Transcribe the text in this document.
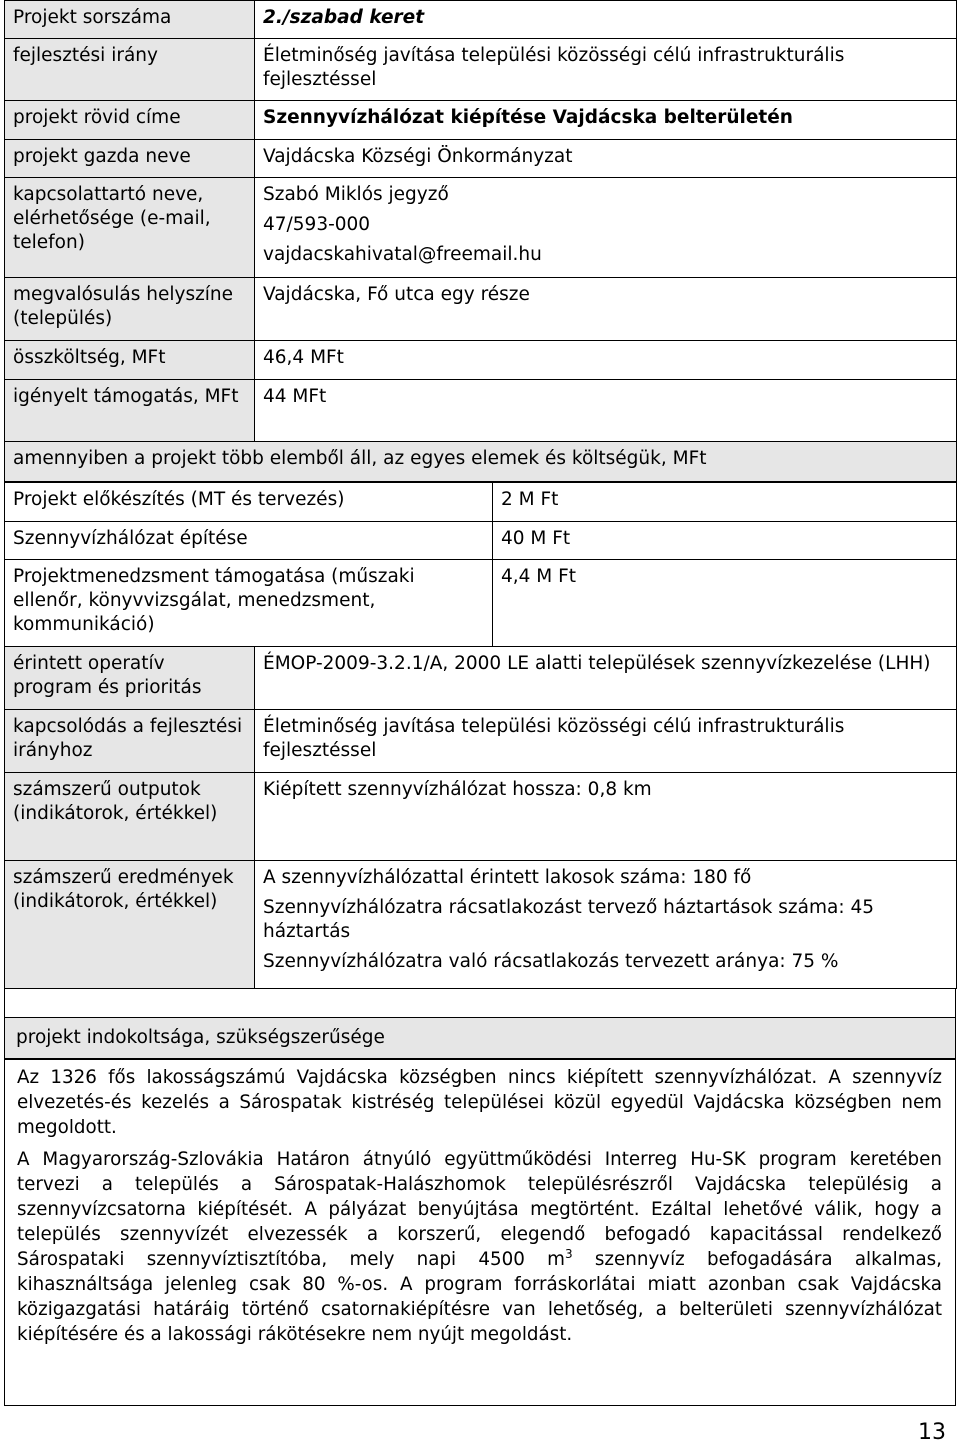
Projekt sorszáma	2./szabad keret
fejlesztési irány	Életminőség javítása települési közösségi célú infrastrukturális fejlesztéssel
projekt rövid címe	Szennyvízhálózat kiépítése Vajdácska belterületén
projekt gazda neve	Vajdácska Községi Önkormányzat
kapcsolattartó neve, elérhetősége (e-mail, telefon)	Szabó Miklós jegyző

47/593-000

vajdacskahivatal@freemail.hu

megvalósulás helyszíne (település)	Vajdácska, Fő utca egy része
összköltség, MFt	46,4 MFt
igényelt támogatás, MFt	44 MFt
amennyiben a projekt több elemből áll, az egyes elemek és költségük, MFt	
Projekt előkészítés (MT és tervezés)	2 M Ft
Szennyvízhálózat építése	40 M Ft
Projektmenedzsment támogatása (műszaki ellenőr, könyvvizsgálat, menedzsment, kommunikáció)	4,4 M Ft
érintett operatív program és prioritás	ÉMOP-2009-3.2.1/A, 2000 LE alatti települések szennyvízkezelése (LHH)
kapcsolódás a fejlesztési irányhoz	Életminőség javítása települési közösségi célú infrastrukturális fejlesztéssel
számszerű outputok (indikátorok, értékkel)	Kiépített szennyvízhálózat hossza: 0,8 km
számszerű eredmények (indikátorok, értékkel)	A szennyvízhálózattal érintett lakosok száma: 180 fő

Szennyvízhálózatra rácsatlakozást tervező háztartások száma: 45 háztartás

Szennyvízhálózatra való rácsatlakozás tervezett aránya: 75 %

projekt indokoltsága, szükségszerűsége

Az 1326 fős lakosságszámú Vajdácska községben nincs kiépített szennyvízhálózat. A szennyvíz elvezetés-és kezelés a Sárospatak kistréség települései közül egyedül Vajdácska községben nem megoldott.

A Magyarország-Szlovákia Határon átnyúló együttműködési Interreg Hu-SK program keretében tervezi a település a Sárospatak-Halászhomok településrészről Vajdácska településig a szennyvízcsatorna kiépítését. A pályázat benyújtása megtörtént. Ezáltal lehetővé válik, hogy a település szennyvízét elvezessék a korszerű, elegendő befogadó kapacitással rendelkező Sárospataki szennyvíztisztítóba, mely napi 4500 $m^3$ szennyvíz befogadására alkalmas, kihasználtsága jelenleg csak 80 %-os. A program forráskorlátai miatt azonban csak Vajdácska közigazgatási határáig történő csatornakiépítésre van lehetőség, a belterületi szennyvízhálózat kiépítésére és a lakossági rákötésekre nem nyújt megoldást.

13
